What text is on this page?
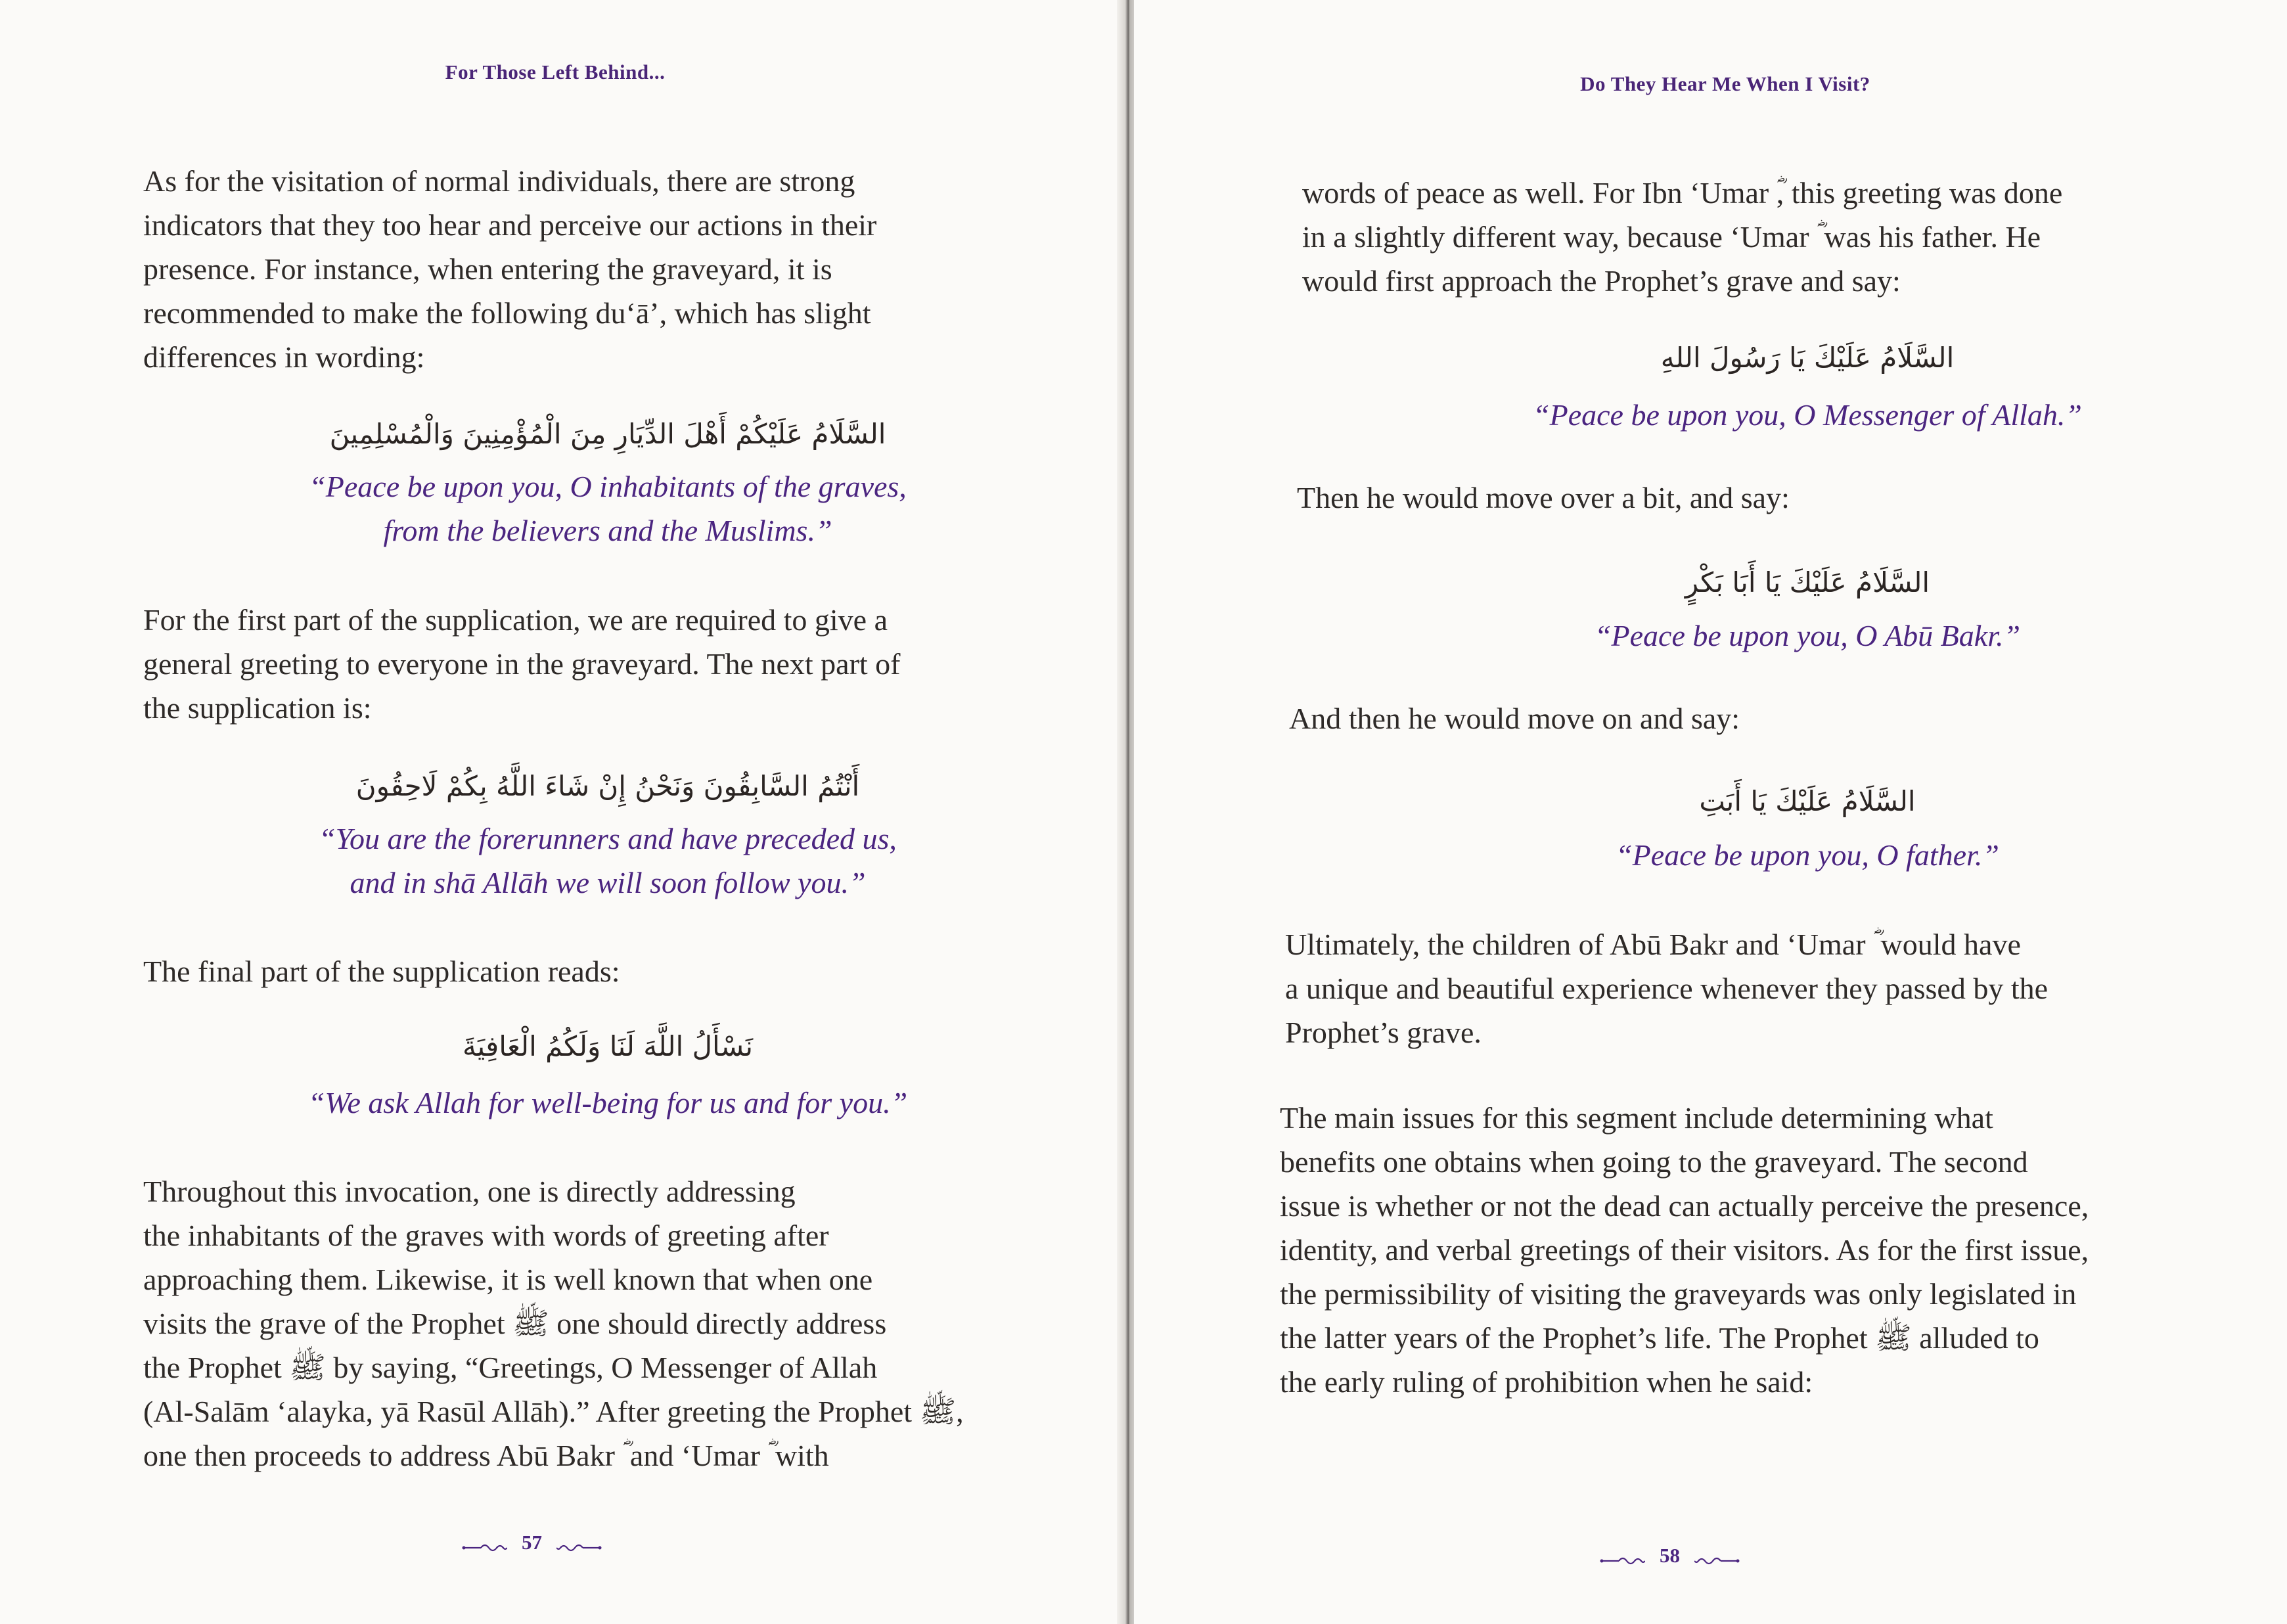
For Those Left Behind...

As for the visitation of normal individuals, there are strong
indicators that they too hear and perceive our actions in their
presence. For instance, when entering the graveyard, it is
recommended to make the following du‘ā’, which has slight
differences in wording:

السَّلَامُ عَلَيْكُمْ أَهْلَ الدِّيَارِ مِنَ الْمُؤْمِنِينَ وَالْمُسْلِمِينَ

“Peace be upon you, O inhabitants of the graves,
from the believers and the Muslims.”

For the first part of the supplication, we are required to give a
general greeting to everyone in the graveyard. The next part of
the supplication is:

أَنْتُمُ السَّابِقُونَ وَنَحْنُ إِنْ شَاءَ اللَّهُ بِكُمْ لَاحِقُونَ

“You are the forerunners and have preceded us,
and in shā Allāh we will soon follow you.”

The final part of the supplication reads:

نَسْأَلُ اللَّهَ لَنَا وَلَكُمُ الْعَافِيَةَ

“We ask Allah for well-being for us and for you.”

Throughout this invocation, one is directly addressing
the inhabitants of the graves with words of greeting after
approaching them. Likewise, it is well known that when one
visits the grave of the Prophet ﷺ one should directly address
the Prophet ﷺ by saying, “Greetings, O Messenger of Allah
(Al-Salām ‘alayka, yā Rasūl Allāh).” After greeting the Prophet ﷺ,
one then proceeds to address Abū Bakr ؓ and ‘Umar ؓ with

57
Do They Hear Me When I Visit?

words of peace as well. For Ibn ‘Umar ؓ, this greeting was done
in a slightly different way, because ‘Umar ؓ was his father. He
would first approach the Prophet’s grave and say:

السَّلَامُ عَلَيْكَ يَا رَسُولَ اللهِ

“Peace be upon you, O Messenger of Allah.”

Then he would move over a bit, and say:

السَّلَامُ عَلَيْكَ يَا أَبَا بَكْرٍ

“Peace be upon you, O Abū Bakr.”

And then he would move on and say:

السَّلَامُ عَلَيْكَ يَا أَبَتِ

“Peace be upon you, O father.”

Ultimately, the children of Abū Bakr and ‘Umar ؓ would have
a unique and beautiful experience whenever they passed by the
Prophet’s grave.

The main issues for this segment include determining what
benefits one obtains when going to the graveyard. The second
issue is whether or not the dead can actually perceive the presence,
identity, and verbal greetings of their visitors. As for the first issue,
the permissibility of visiting the graveyards was only legislated in
the latter years of the Prophet’s life. The Prophet ﷺ alluded to
the early ruling of prohibition when he said:

58
